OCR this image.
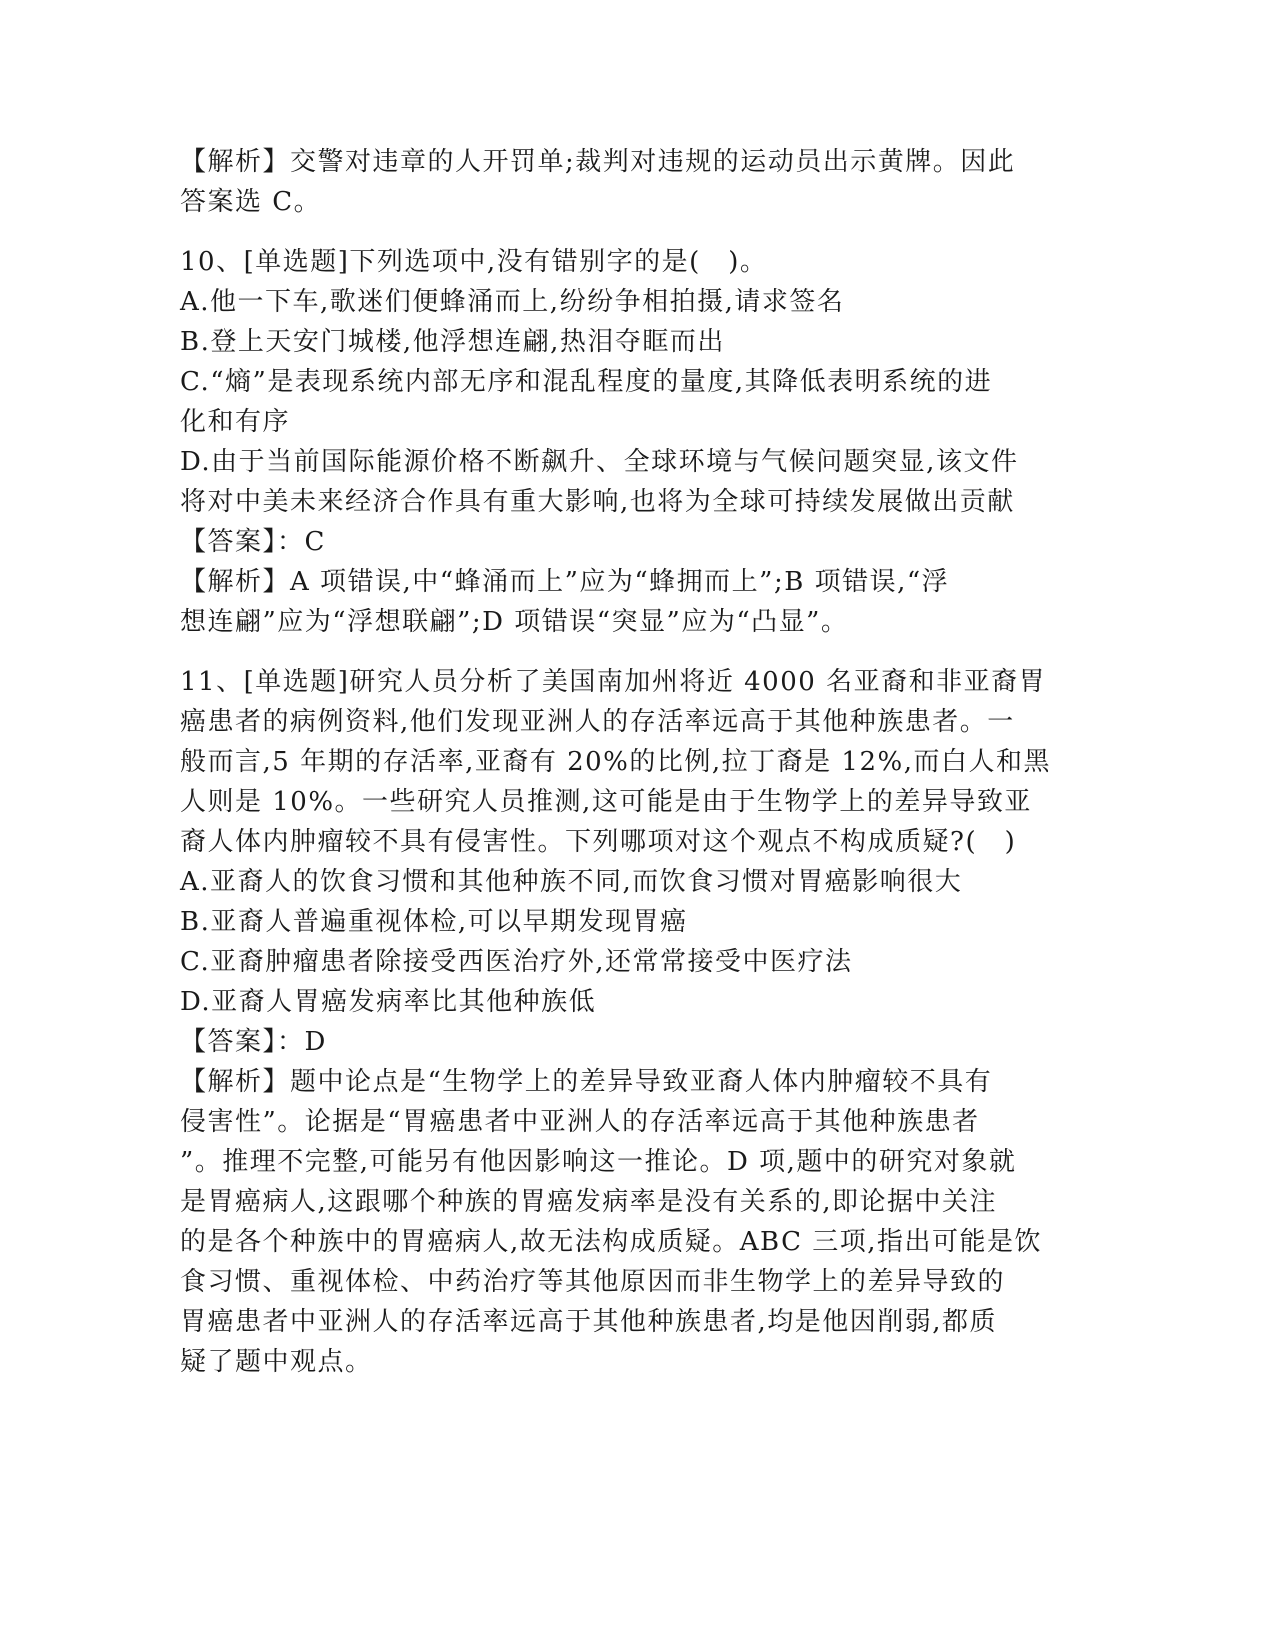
【解析】交警对违章的人开罚单;裁判对违规的运动员出示黄牌。因此
答案选 C。
10、[单选题]下列选项中,没有错别字的是(　)。
A.他一下车,歌迷们便蜂涌而上,纷纷争相拍摄,请求签名
B.登上天安门城楼,他浮想连翩,热泪夺眶而出
C.“熵”是表现系统内部无序和混乱程度的量度,其降低表明系统的进
化和有序
D.由于当前国际能源价格不断飙升、全球环境与气候问题突显,该文件
将对中美未来经济合作具有重大影响,也将为全球可持续发展做出贡献
【答案】：C
【解析】A 项错误,中“蜂涌而上”应为“蜂拥而上”;B 项错误,“浮
想连翩”应为“浮想联翩”;D 项错误“突显”应为“凸显”。
11、[单选题]研究人员分析了美国南加州将近 4000 名亚裔和非亚裔胃
癌患者的病例资料,他们发现亚洲人的存活率远高于其他种族患者。一
般而言,5 年期的存活率,亚裔有 20%的比例,拉丁裔是 12%,而白人和黑
人则是 10%。一些研究人员推测,这可能是由于生物学上的差异导致亚
裔人体内肿瘤较不具有侵害性。下列哪项对这个观点不构成质疑?(　)
A.亚裔人的饮食习惯和其他种族不同,而饮食习惯对胃癌影响很大
B.亚裔人普遍重视体检,可以早期发现胃癌
C.亚裔肿瘤患者除接受西医治疗外,还常常接受中医疗法
D.亚裔人胃癌发病率比其他种族低
【答案】：D
【解析】题中论点是“生物学上的差异导致亚裔人体内肿瘤较不具有
侵害性”。论据是“胃癌患者中亚洲人的存活率远高于其他种族患者
”。推理不完整,可能另有他因影响这一推论。D 项,题中的研究对象就
是胃癌病人,这跟哪个种族的胃癌发病率是没有关系的,即论据中关注
的是各个种族中的胃癌病人,故无法构成质疑。ABC 三项,指出可能是饮
食习惯、重视体检、中药治疗等其他原因而非生物学上的差异导致的
胃癌患者中亚洲人的存活率远高于其他种族患者,均是他因削弱,都质
疑了题中观点。
